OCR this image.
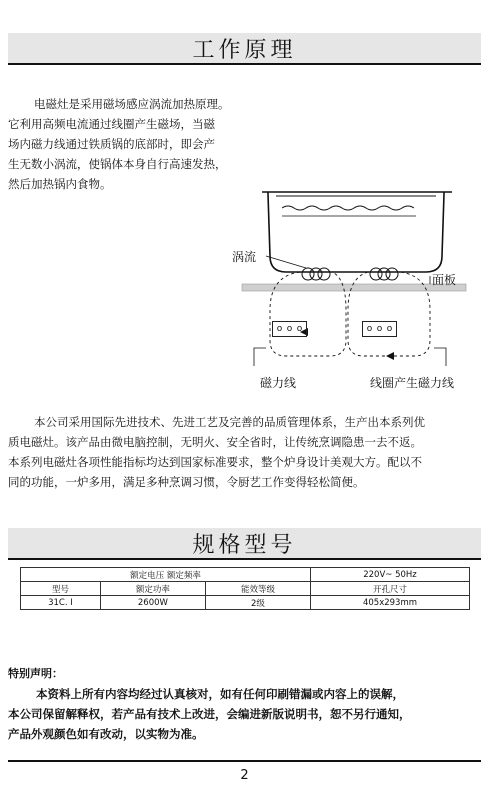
工作原理

电磁灶是采用磁场感应涡流加热原理。
它利用高频电流通过线圈产生磁场，当磁
场内磁力线通过铁质锅的底部时，即会产
生无数小涡流，使锅体本身自行高速发热，
然后加热锅内食物。

涡流
面板
磁力线	线圈产生磁力线
o o o	o o o

本公司采用国际先进技术、先进工艺及完善的品质管理体系，生产出本系列优
质电磁灶。该产品由微电脑控制，无明火、安全省时，让传统烹调隐患一去不返。
本系列电磁灶各项性能指标均达到国家标准要求，整个炉身设计美观大方。配以不
同的功能，一炉多用，满足多种烹调习惯，令厨艺工作变得轻松简便。

规格型号
额定电压 额定频率			220V~ 50Hz
型号	额定功率	能效等级	开孔尺寸
31C. I	2600W	2级	405x293mm
特别声明：

本资料上所有内容均经过认真核对，如有任何印刷错漏或内容上的误解，
本公司保留解释权，若产品有技术上改进，会编进新版说明书，恕不另行通知，
产品外观颜色如有改动，以实物为准。

2
